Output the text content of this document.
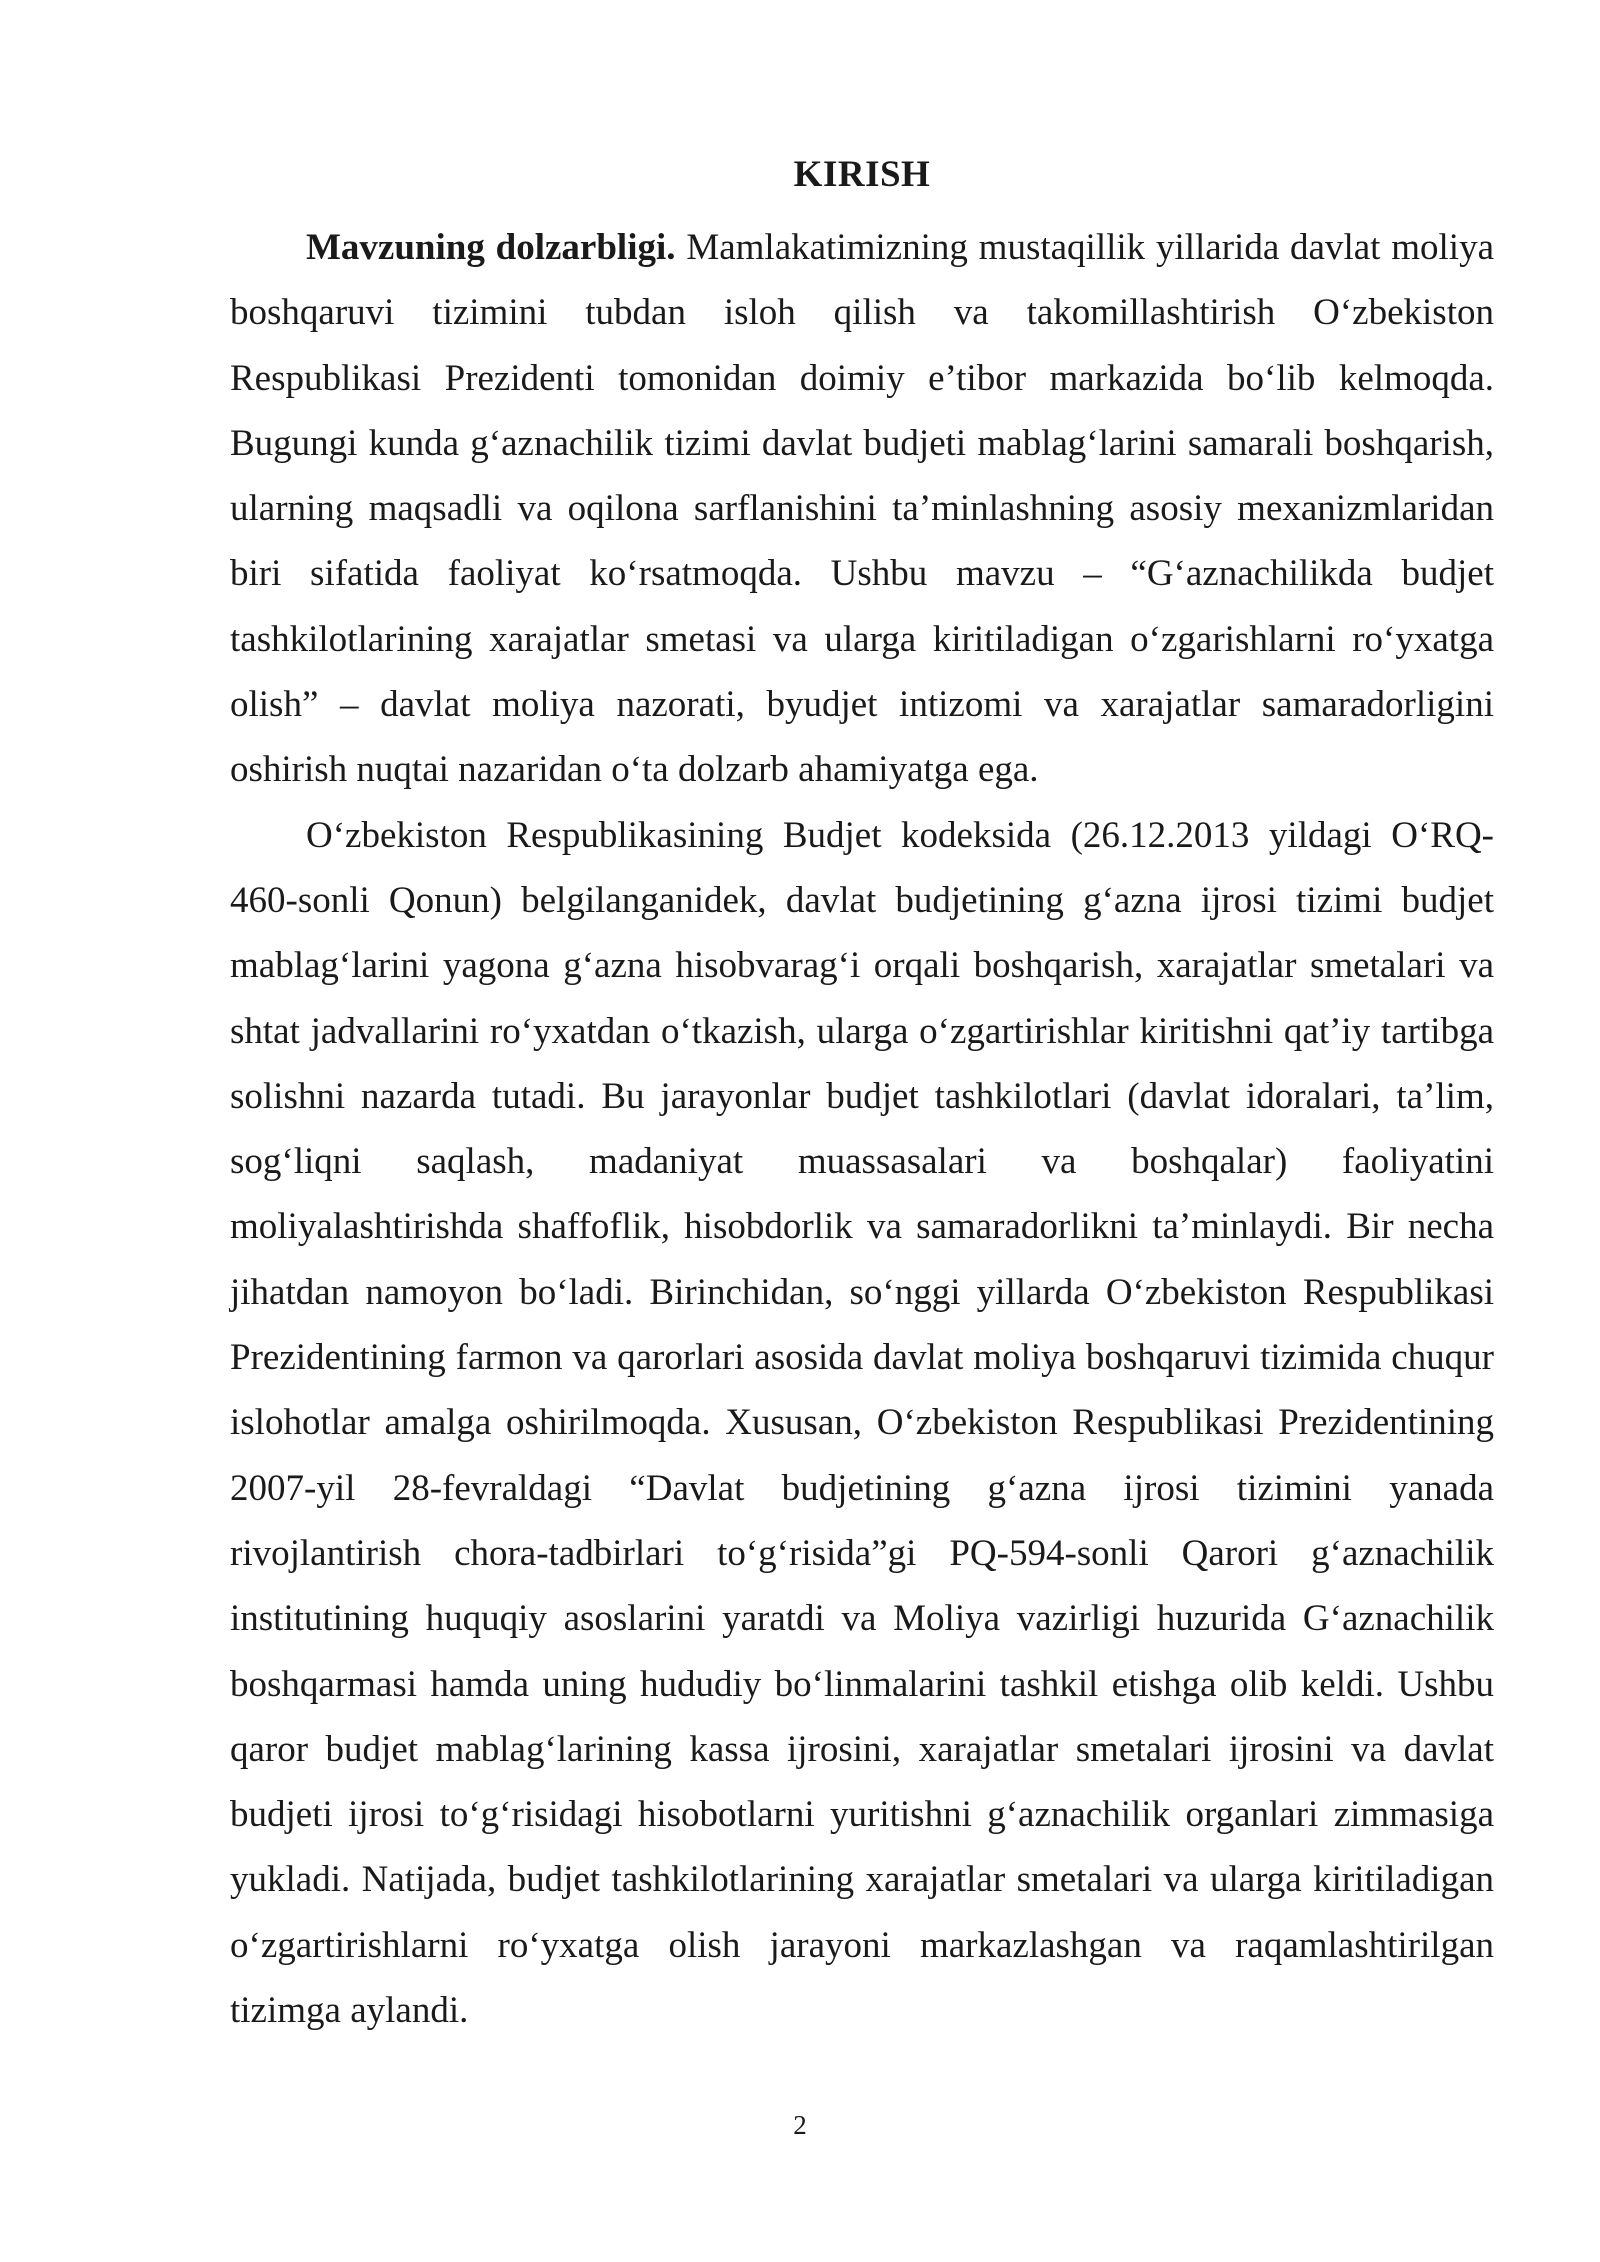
KIRISH

Mavzuning dolzarbligi. Mamlakatimizning mustaqillik yillarida davlat moliya boshqaruvi tizimini tubdan isloh qilish va takomillashtirish O‘zbekiston Respublikasi Prezidenti tomonidan doimiy e’tibor markazida bo‘lib kelmoqda. Bugungi kunda g‘aznachilik tizimi davlat budjeti mablag‘larini samarali boshqarish, ularning maqsadli va oqilona sarflanishini ta’minlashning asosiy mexanizmlaridan biri sifatida faoliyat ko‘rsatmoqda. Ushbu mavzu – “G‘aznachilikda budjet tashkilotlarining xarajatlar smetasi va ularga kiritiladigan o‘zgarishlarni ro‘yxatga olish” – davlat moliya nazorati, byudjet intizomi va xarajatlar samaradorligini oshirish nuqtai nazaridan o‘ta dolzarb ahamiyatga ega.

O‘zbekiston Respublikasining Budjet kodeksida (26.12.2013 yildagi O‘RQ-460-sonli Qonun) belgilanganidek, davlat budjetining g‘azna ijrosi tizimi budjet mablag‘larini yagona g‘azna hisobvarag‘i orqali boshqarish, xarajatlar smetalari va shtat jadvallarini ro‘yxatdan o‘tkazish, ularga o‘zgartirishlar kiritishni qat’iy tartibga solishni nazarda tutadi. Bu jarayonlar budjet tashkilotlari (davlat idoralari, ta’lim, sog‘liqni saqlash, madaniyat muassasalari va boshqalar) faoliyatini moliyalashtirishda shaffoflik, hisobdorlik va samaradorlikni ta’minlaydi. Bir necha jihatdan namoyon bo‘ladi. Birinchidan, so‘nggi yillarda O‘zbekiston Respublikasi Prezidentining farmon va qarorlari asosida davlat moliya boshqaruvi tizimida chuqur islohotlar amalga oshirilmoqda. Xususan, O‘zbekiston Respublikasi Prezidentining 2007-yil 28-fevraldagi “Davlat budjetining g‘azna ijrosi tizimini yanada rivojlantirish chora-tadbirlari to‘g‘risida”gi PQ-594-sonli Qarori g‘aznachilik institutining huquqiy asoslarini yaratdi va Moliya vazirligi huzurida G‘aznachilik boshqarmasi hamda uning hududiy bo‘linmalarini tashkil etishga olib keldi. Ushbu qaror budjet mablag‘larining kassa ijrosini, xarajatlar smetalari ijrosini va davlat budjeti ijrosi to‘g‘risidagi hisobotlarni yuritishni g‘aznachilik organlari zimmasiga yukladi. Natijada, budjet tashkilotlarining xarajatlar smetalari va ularga kiritiladigan o‘zgartirishlarni ro‘yxatga olish jarayoni markazlashgan va raqamlashtirilgan tizimga aylandi.

2
